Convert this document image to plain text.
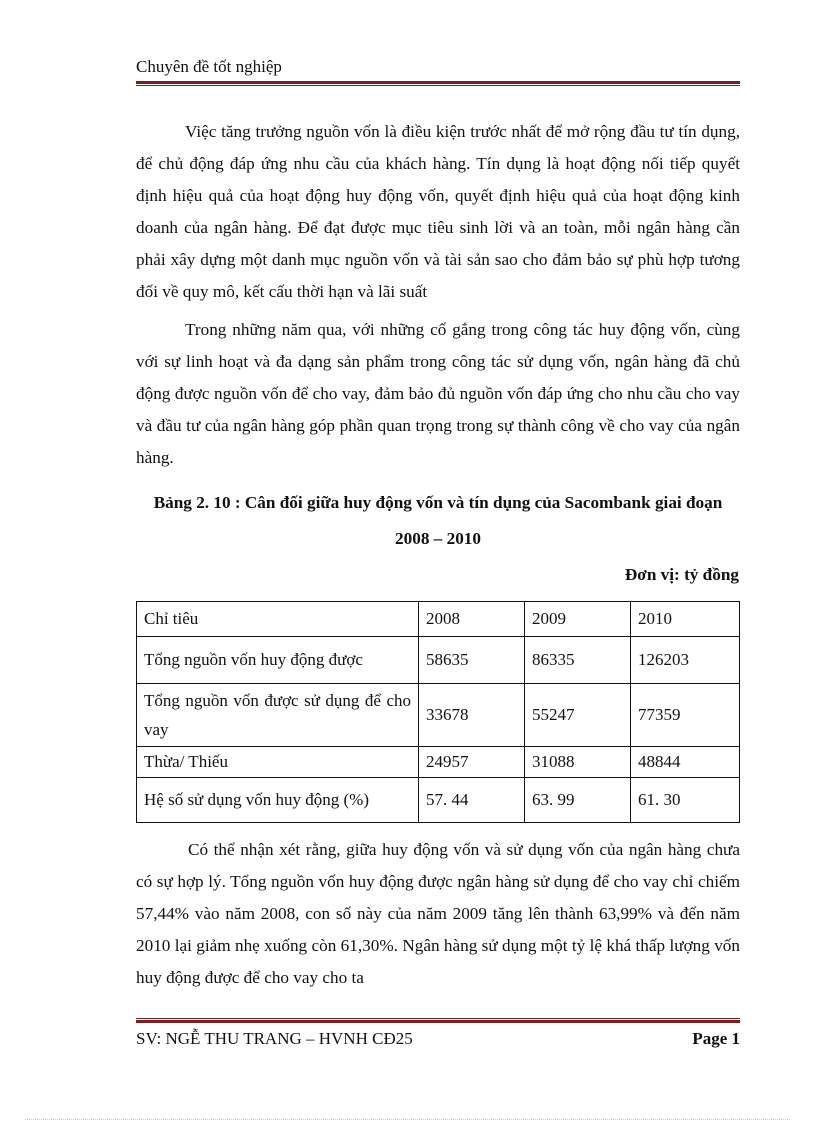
Chuyên đề tốt nghiệp

Việc tăng trưởng nguồn vốn là điều kiện trước nhất để mở rộng đầu tư tín dụng, để chủ động đáp ứng nhu cầu của khách hàng. Tín dụng là hoạt động nối tiếp quyết định hiệu quả của hoạt động huy động vốn, quyết định hiệu quả của hoạt động kinh doanh của ngân hàng. Để đạt được mục tiêu sinh lời và an toàn, mỗi ngân hàng cần phải xây dựng một danh mục nguồn vốn và tài sản sao cho đảm bảo sự phù hợp tương đối về quy mô, kết cấu thời hạn và lãi suất

Trong những năm qua, với những cố gắng trong công tác huy động vốn, cùng với sự linh hoạt và đa dạng sản phẩm trong công tác sử dụng vốn, ngân hàng đã chủ động được nguồn vốn để cho vay, đảm bảo đủ nguồn vốn đáp ứng cho nhu cầu cho vay và đầu tư của ngân hàng góp phần quan trọng trong sự thành công về cho vay của ngân hàng.

Bảng 2. 10 : Cân đối giữa huy động vốn và tín dụng của Sacombank giai đoạn 2008 – 2010
Đơn vị: tỷ đồng
Chỉ tiêu	2008	2009	2010
Tổng nguồn vốn huy động được	58635	86335	126203
Tổng nguồn vốn được sử dụng để cho vay	33678	55247	77359
Thừa/ Thiếu	24957	31088	48844
Hệ số sử dụng vốn huy động (%)	57. 44	63. 99	61. 30

Có thể nhận xét rằng, giữa huy động vốn và sử dụng vốn của ngân hàng chưa có sự hợp lý. Tổng nguồn vốn huy động được ngân hàng sử dụng để cho vay chỉ chiếm 57,44% vào năm 2008, con số này của năm 2009 tăng lên thành 63,99% và đến năm 2010 lại giảm nhẹ xuống còn 61,30%. Ngân hàng sử dụng một tỷ lệ khá thấp lượng vốn huy động được để cho vay cho ta

SV: NGỄ THU TRANG – HVNH CĐ25	Page 1
